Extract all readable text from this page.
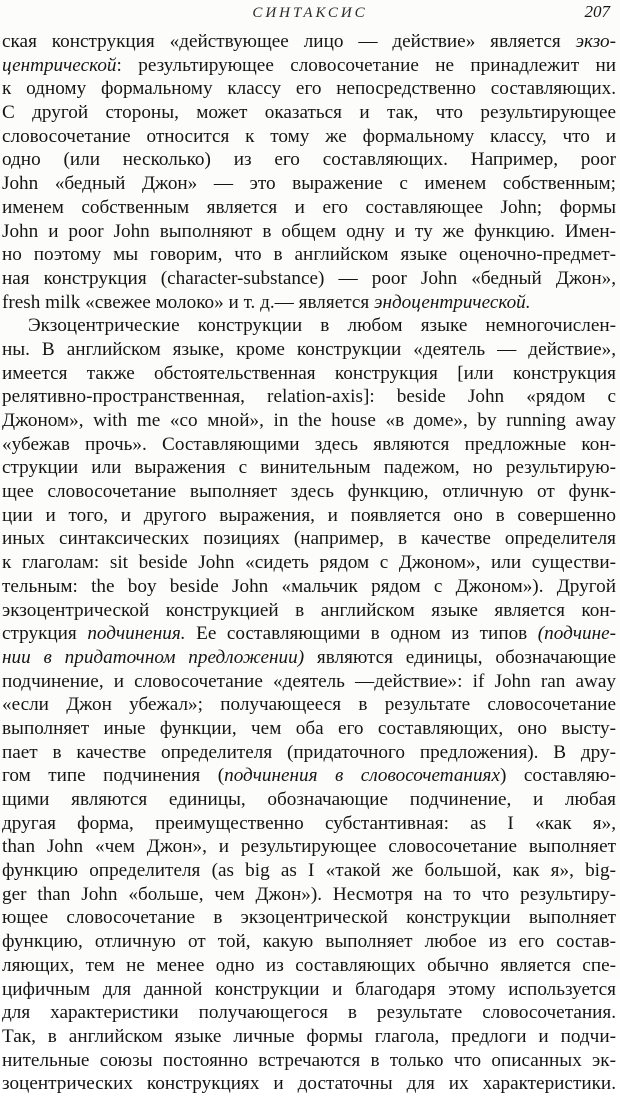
СИНТАКСИС	207
ская конструкция «действующее лицо — действие» является экзо-
центрической: результирующее словосочетание не принадлежит ни
к одному формальному классу его непосредственно составляющих.
С другой стороны, может оказаться и так, что результирующее
словосочетание относится к тому же формальному классу, что и
одно (или несколько) из его составляющих. Например, poor
John «бедный Джон» — это выражение с именем собственным;
именем собственным является и его составляющее John; формы
John и poor John выполняют в общем одну и ту же функцию. Имен-
но поэтому мы говорим, что в английском языке оценочно-предмет-
ная конструкция (character-substance) — poor John «бедный Джон»,
fresh milk «свежее молоко» и т. д.— является эндоцентрической.
Экзоцентрические конструкции в любом языке немногочислен-
ны. В английском языке, кроме конструкции «деятель — действие»,
имеется также обстоятельственная конструкция [или конструкция
релятивно-пространственная, relation-axis]: beside John «рядом с
Джоном», with me «со мной», in the house «в доме», by running away
«убежав прочь». Составляющими здесь являются предложные кон-
струкции или выражения с винительным падежом, но результирую-
щее словосочетание выполняет здесь функцию, отличную от функ-
ции и того, и другого выражения, и появляется оно в совершенно
иных синтаксических позициях (например, в качестве определителя
к глаголам: sit beside John «сидеть рядом с Джоном», или существи-
тельным: the boy beside John «мальчик рядом с Джоном»). Другой
экзоцентрической конструкцией в английском языке является кон-
струкция подчинения. Ее составляющими в одном из типов (подчине-
нии в придаточном предложении) являются единицы, обозначающие
подчинение, и словосочетание «деятель —действие»: if John ran away
«если Джон убежал»; получающееся в результате словосочетание
выполняет иные функции, чем оба его составляющих, оно высту-
пает в качестве определителя (придаточного предложения). В дру-
гом типе подчинения (подчинения в словосочетаниях) составляю-
щими являются единицы, обозначающие подчинение, и любая
другая форма, преимущественно субстантивная: as I «как я»,
than John «чем Джон», и результирующее словосочетание выполняет
функцию определителя (as big as I «такой же большой, как я», big-
ger than John «больше, чем Джон»). Несмотря на то что результиру-
ющее словосочетание в экзоцентрической конструкции выполняет
функцию, отличную от той, какую выполняет любое из его состав-
ляющих, тем не менее одно из составляющих обычно является спе-
цифичным для данной конструкции и благодаря этому используется
для характеристики получающегося в результате словосочетания.
Так, в английском языке личные формы глагола, предлоги и подчи-
нительные союзы постоянно встречаются в только что описанных эк-
зоцентрических конструкциях и достаточны для их характеристики.
